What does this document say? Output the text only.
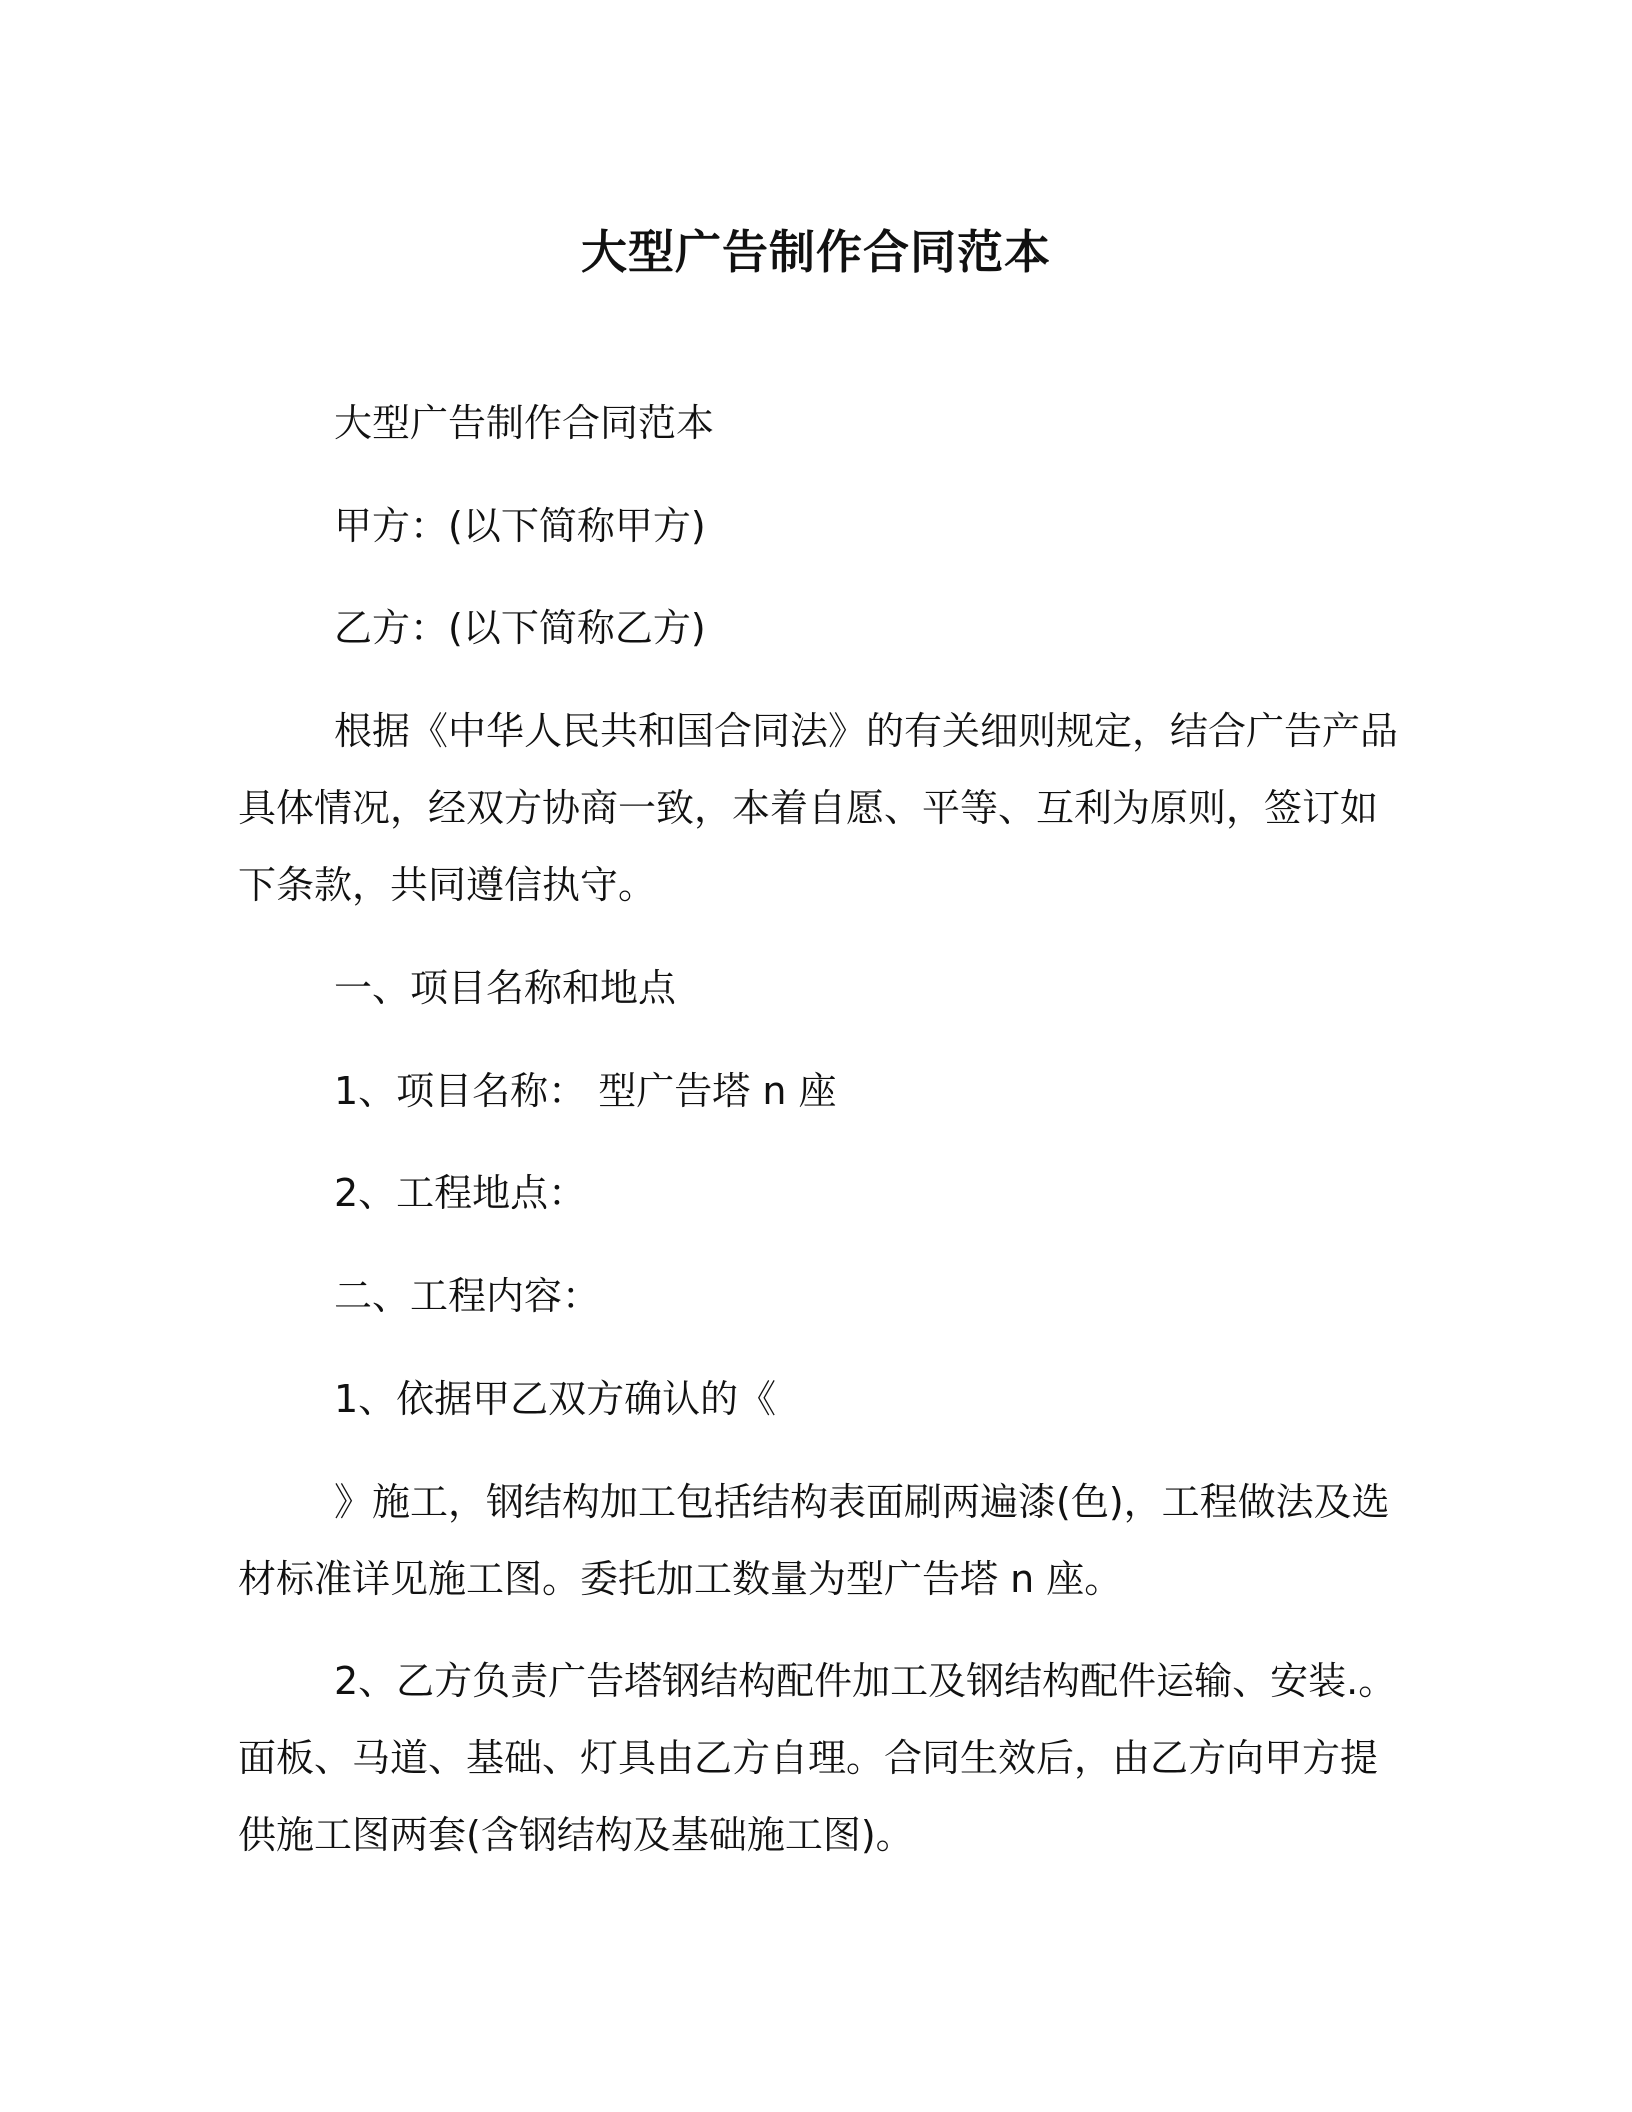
大型广告制作合同范本
大型广告制作合同范本
甲方：(以下简称甲方)
乙方：(以下简称乙方)
根据《中华人民共和国合同法》的有关细则规定，结合广告产品
具体情况，经双方协商一致，本着自愿、平等、互利为原则，签订如
下条款，共同遵信执守。
一、项目名称和地点
1、项目名称： 型广告塔 n 座
2、工程地点：
二、工程内容：
1、依据甲乙双方确认的《
》施工，钢结构加工包括结构表面刷两遍漆(色)，工程做法及选
材标准详见施工图。委托加工数量为型广告塔 n 座。
2、乙方负责广告塔钢结构配件加工及钢结构配件运输、安装.。
面板、马道、基础、灯具由乙方自理。合同生效后，由乙方向甲方提
供施工图两套(含钢结构及基础施工图)。
